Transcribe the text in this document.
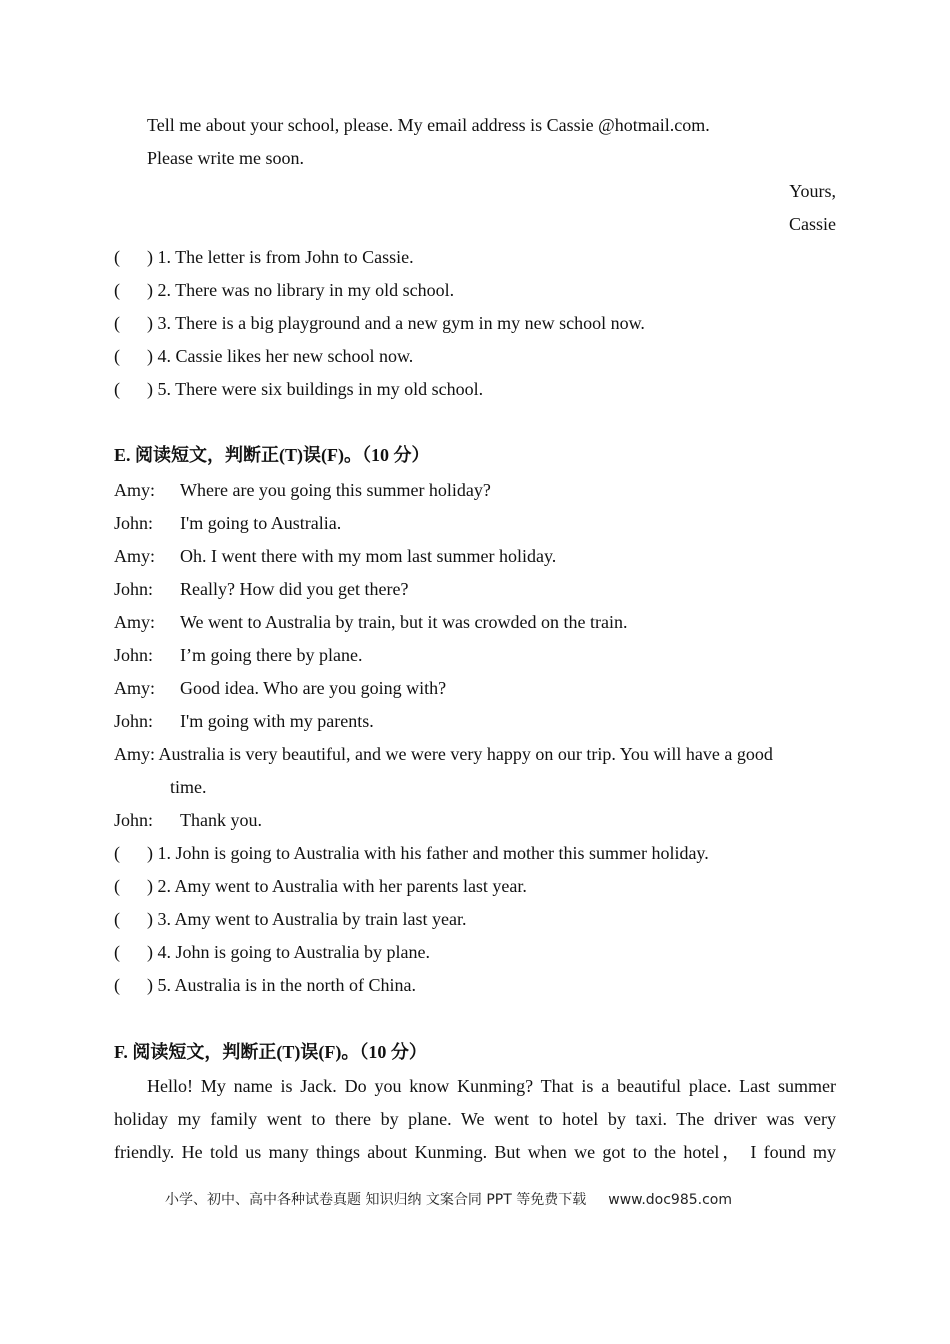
Tell me about your school, please. My email address is Cassie @hotmail.com.
Please write me soon.
Yours,
Cassie
( ) 1. The letter is from John to Cassie.
( ) 2. There was no library in my old school.
( ) 3. There is a big playground and a new gym in my new school now.
( ) 4. Cassie likes her new school now.
( ) 5. There were six buildings in my old school.
E. 阅读短文，判断正(T)误(F)。（10 分）
Amy: Where are you going this summer holiday?
John: I'm going to Australia.
Amy: Oh. I went there with my mom last summer holiday.
John: Really? How did you get there?
Amy: We went to Australia by train, but it was crowded on the train.
John: I’m going there by plane.
Amy: Good idea. Who are you going with?
John: I'm going with my parents.
Amy: Australia is very beautiful, and we were very happy on our trip. You will have a good
time.
John: Thank you.
( ) 1. John is going to Australia with his father and mother this summer holiday.
( ) 2. Amy went to Australia with her parents last year.
( ) 3. Amy went to Australia by train last year.
( ) 4. John is going to Australia by plane.
( ) 5. Australia is in the north of China.
F. 阅读短文，判断正(T)误(F)。（10 分）
Hello! My name is Jack. Do you know Kunming? That is a beautiful place. Last summer
holiday my family went to there by plane. We went to hotel by taxi. The driver was very
friendly. He told us many things about Kunming. But when we got to the hotel， I found my
小学、初中、高中各种试卷真题 知识归纳 文案合同 PPT 等免费下载 www.doc985.com
